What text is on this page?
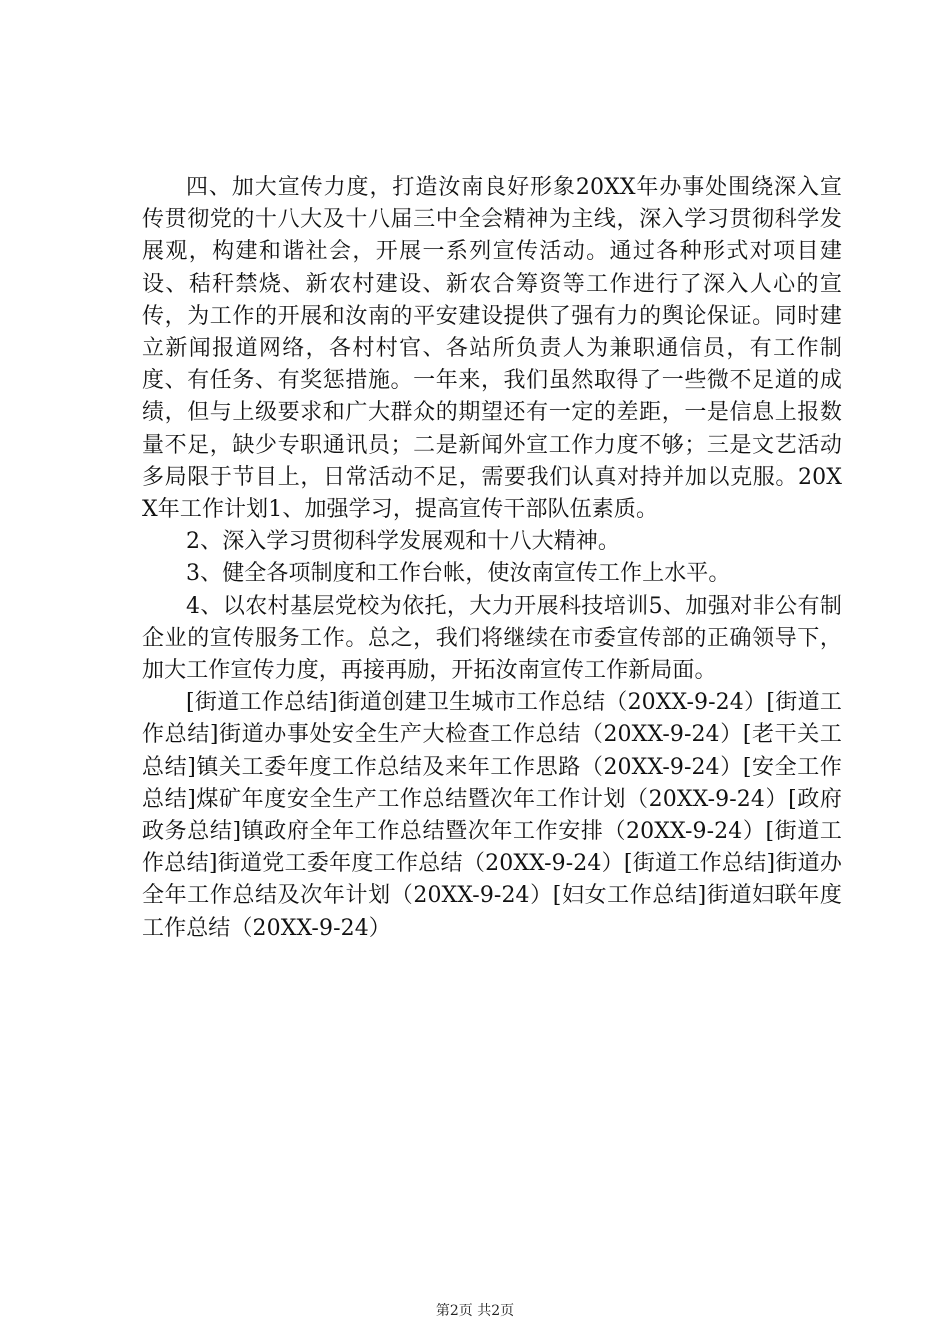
四、加大宣传力度，打造汝南良好形象20XX年办事处围绕深入宣传贯彻党的十八大及十八届三中全会精神为主线，深入学习贯彻科学发展观，构建和谐社会，开展一系列宣传活动。通过各种形式对项目建设、秸秆禁烧、新农村建设、新农合筹资等工作进行了深入人心的宣传，为工作的开展和汝南的平安建设提供了强有力的舆论保证。同时建立新闻报道网络，各村村官、各站所负责人为兼职通信员，有工作制度、有任务、有奖惩措施。一年来，我们虽然取得了一些微不足道的成绩，但与上级要求和广大群众的期望还有一定的差距，一是信息上报数量不足，缺少专职通讯员；二是新闻外宣工作力度不够；三是文艺活动多局限于节目上，日常活动不足，需要我们认真对持并加以克服。20XX年工作计划1、加强学习，提高宣传干部队伍素质。

2、深入学习贯彻科学发展观和十八大精神。

3、健全各项制度和工作台帐，使汝南宣传工作上水平。

4、以农村基层党校为依托，大力开展科技培训5、加强对非公有制企业的宣传服务工作。总之，我们将继续在市委宣传部的正确领导下，加大工作宣传力度，再接再励，开拓汝南宣传工作新局面。

[街道工作总结]街道创建卫生城市工作总结（20XX-9-24）[街道工作总结]街道办事处安全生产大检查工作总结（20XX-9-24）[老干关工总结]镇关工委年度工作总结及来年工作思路（20XX-9-24）[安全工作总结]煤矿年度安全生产工作总结暨次年工作计划（20XX-9-24）[政府政务总结]镇政府全年工作总结暨次年工作安排（20XX-9-24）[街道工作总结]街道党工委年度工作总结（20XX-9-24）[街道工作总结]街道办全年工作总结及次年计划（20XX-9-24）[妇女工作总结]街道妇联年度工作总结（20XX-9-24）

第2页 共2页
